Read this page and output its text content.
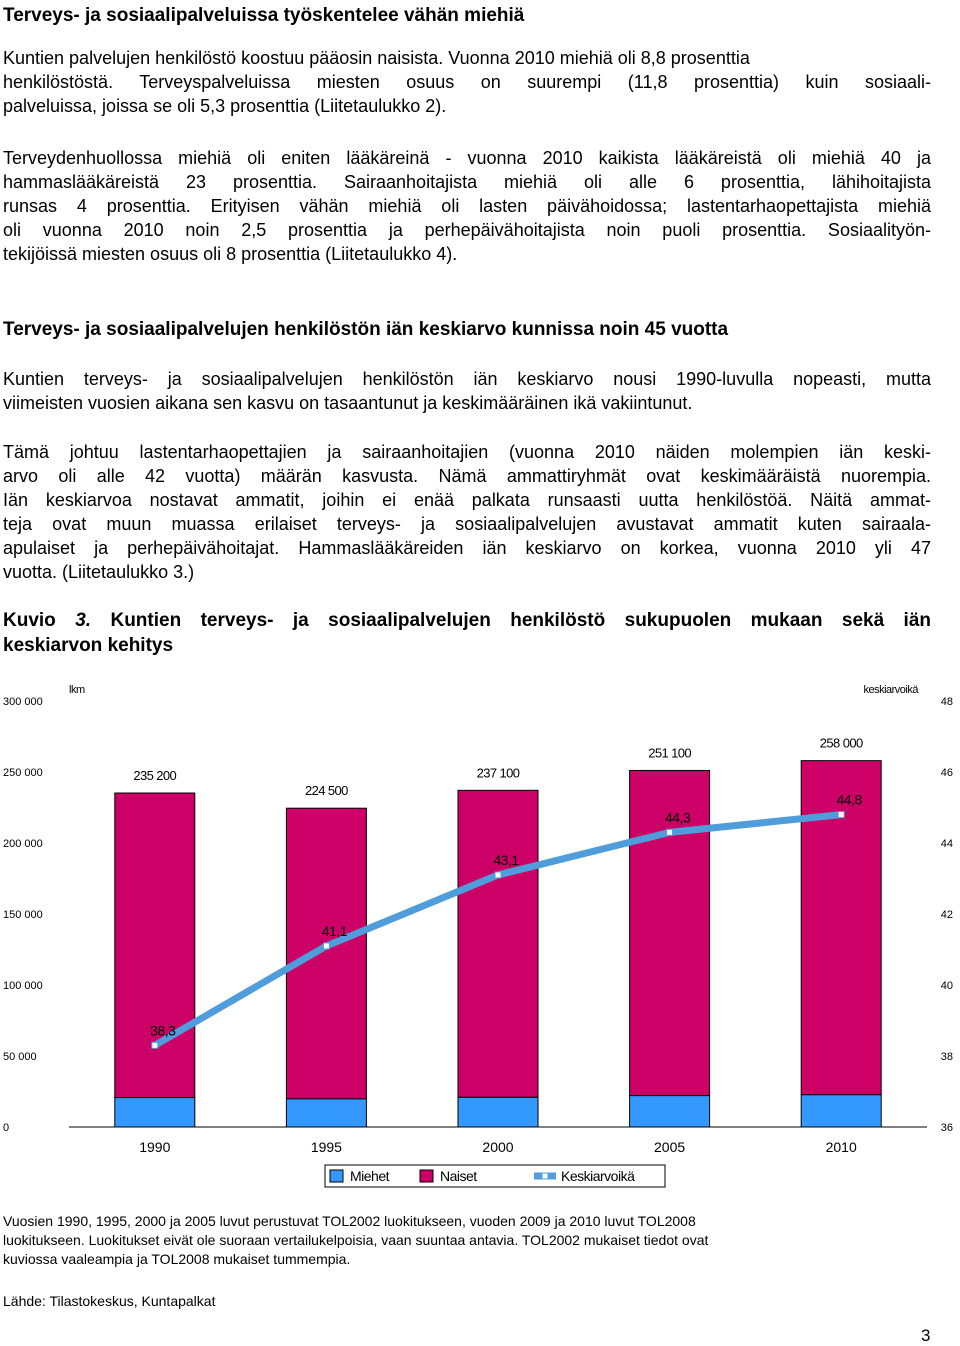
Terveys- ja sosiaalipalveluissa työskentelee vähän miehiä

Kuntien palvelujen henkilöstö koostuu pääosin naisista. Vuonna 2010 miehiä oli 8,8 prosenttia
henkilöstöstä. Terveyspalveluissa miesten osuus on suurempi (11,8 prosenttia) kuin sosiaali-
palveluissa, joissa se oli 5,3 prosenttia (Liitetaulukko 2).

Terveydenhuollossa miehiä oli eniten lääkäreinä - vuonna 2010 kaikista lääkäreistä oli miehiä 40 ja
hammaslääkäreistä 23 prosenttia. Sairaanhoitajista miehiä oli alle 6 prosenttia, lähihoitajista
runsas 4 prosenttia. Erityisen vähän miehiä oli lasten päivähoidossa; lastentarhaopettajista miehiä
oli vuonna 2010 noin 2,5 prosenttia ja perhepäivähoitajista noin puoli prosenttia. Sosiaalityön-
tekijöissä miesten osuus oli 8 prosenttia (Liitetaulukko 4).

Terveys- ja sosiaalipalvelujen henkilöstön iän keskiarvo kunnissa noin 45 vuotta

Kuntien terveys- ja sosiaalipalvelujen henkilöstön iän keskiarvo nousi 1990-luvulla nopeasti, mutta
viimeisten vuosien aikana sen kasvu on tasaantunut ja keskimääräinen ikä vakiintunut.

Tämä johtuu lastentarhaopettajien ja sairaanhoitajien (vuonna 2010 näiden molempien iän keski-
arvo oli alle 42 vuotta) määrän kasvusta. Nämä ammattiryhmät ovat keskimääräistä nuorempia.
Iän keskiarvoa nostavat ammatit, joihin ei enää palkata runsaasti uutta henkilöstöä. Näitä ammat-
teja ovat muun muassa erilaiset terveys- ja sosiaalipalvelujen avustavat ammatit kuten sairaala-
apulaiset ja perhepäivähoitajat. Hammaslääkäreiden iän keskiarvo on korkea, vuonna 2010 yli 47
vuotta. (Liitetaulukko 3.)

Kuvio 3. Kuntien terveys- ja sosiaalipalvelujen henkilöstö sukupuolen mukaan sekä iän
keskiarvon kehitys

0
50 000
100 000
150 000
200 000
250 000
300 000
36
38
40
42
44
46
48
lkm	keskiarvoikä
235 200
224 500
237 100
251 100
258 000
38,3
41,1
43,1
44,3
44,8
Miehet	Naiset	Keskiarvoikä
1990	1995	2000	2005	2010

Vuosien 1990, 1995, 2000 ja 2005 luvut perustuvat TOL2002 luokitukseen, vuoden 2009 ja 2010 luvut TOL2008
luokitukseen. Luokitukset eivät ole suoraan vertailukelpoisia, vaan suuntaa antavia. TOL2002 mukaiset tiedot ovat
kuviossa vaaleampia ja TOL2008 mukaiset tummempia.

Lähde: Tilastokeskus, Kuntapalkat

3
